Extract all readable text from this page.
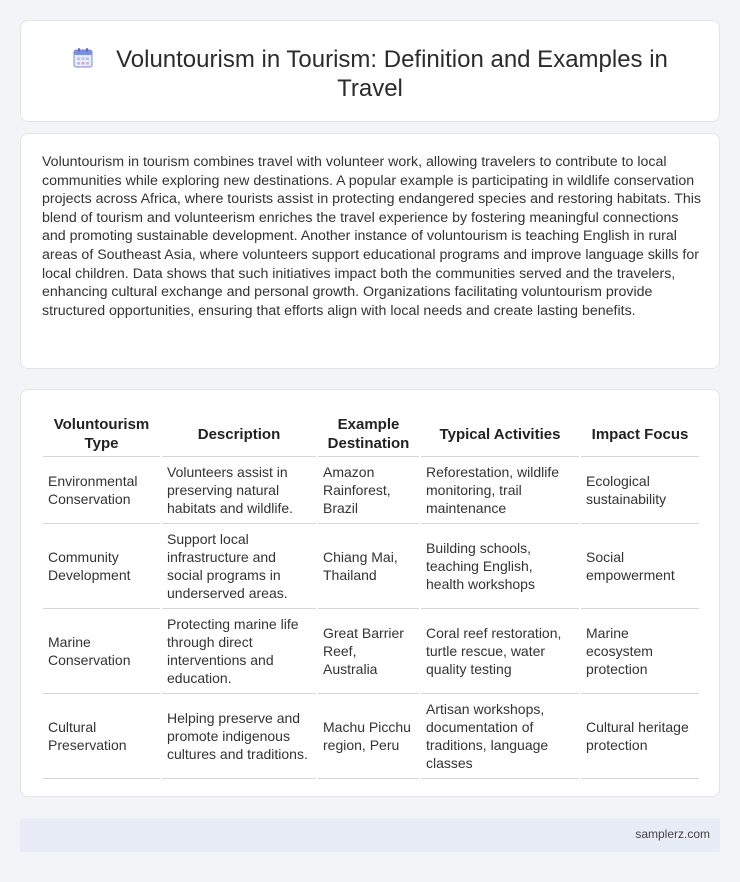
Voluntourism in Tourism: Definition and Examples in Travel

Voluntourism in tourism combines travel with volunteer work, allowing travelers to contribute to local communities while exploring new destinations. A popular example is participating in wildlife conservation projects across Africa, where tourists assist in protecting endangered species and restoring habitats. This blend of tourism and volunteerism enriches the travel experience by fostering meaningful connections and promoting sustainable development. Another instance of voluntourism is teaching English in rural areas of Southeast Asia, where volunteers support educational programs and improve language skills for local children. Data shows that such initiatives impact both the communities served and the travelers, enhancing cultural exchange and personal growth. Organizations facilitating voluntourism provide structured opportunities, ensuring that efforts align with local needs and create lasting benefits.

Voluntourism Type	Description	Example Destination	Typical Activities	Impact Focus
Environmental Conservation	Volunteers assist in preserving natural habitats and wildlife.	Amazon Rainforest, Brazil	Reforestation, wildlife monitoring, trail maintenance	Ecological sustainability
Community Development	Support local infrastructure and social programs in underserved areas.	Chiang Mai, Thailand	Building schools, teaching English, health workshops	Social empowerment
Marine Conservation	Protecting marine life through direct interventions and education.	Great Barrier Reef, Australia	Coral reef restoration, turtle rescue, water quality testing	Marine ecosystem protection
Cultural Preservation	Helping preserve and promote indigenous cultures and traditions.	Machu Picchu region, Peru	Artisan workshops, documentation of traditions, language classes	Cultural heritage protection
samplerz.com
